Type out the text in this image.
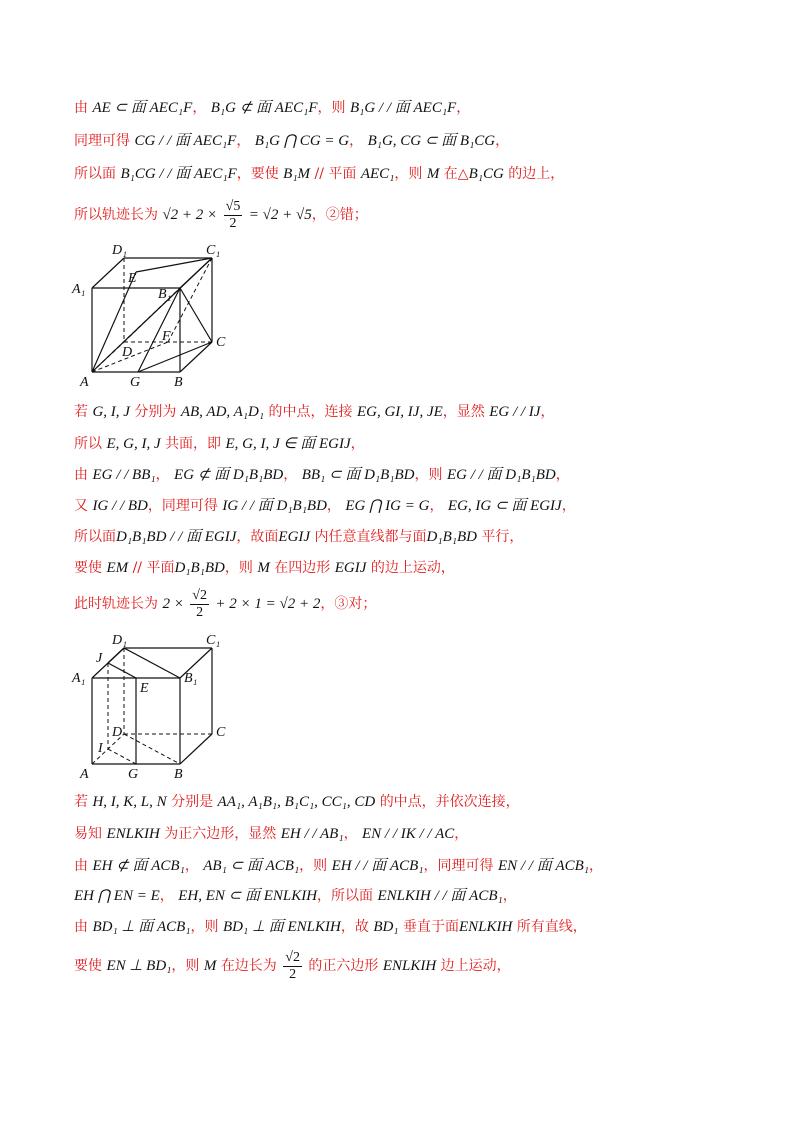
由 AE ⊂ 面 AEC₁F， B₁G ⊄ 面 AEC₁F，则 B₁G / / 面 AEC₁F，
同理可得 CG / / 面 AEC₁F， B₁G ⋂ CG = G， B₁G, CG ⊂ 面 B₁CG，
所以面 B₁CG / / 面 AEC₁F，要使 B₁M // 平面 AEC₁，则 M 在△B₁CG 的边上，
所以轨迹长为 $√2 + 2 \times \frac{√5}{2} = √2 + √5$，②错；
D₁	C₁
A₁
E
B₁
F
D
C
A	G B
若 G, I, J 分别为 AB, AD, A₁D₁ 的中点，连接 EG, GI, IJ, JE，显然 EG / / IJ，
所以 E, G, I, J 共面，即 E, G, I, J ∈ 面 EGIJ，
由 EG / / BB₁， EG ⊄ 面 D₁B₁BD， BB₁ ⊂ 面 D₁B₁BD，则 EG / / 面 D₁B₁BD，
又 IG / / BD，同理可得 IG / / 面 D₁B₁BD， EG ⋂ IG = G， EG, IG ⊂ 面 EGIJ，
所以面D₁B₁BD / / 面 EGIJ，故面EGIJ 内任意直线都与面D₁B₁BD 平行，
要使 EM // 平面D₁B₁BD，则 M 在四边形 EGIJ 的边上运动，
此时轨迹长为 $2 \times \frac{√2}{2} + 2 \times 1 = √2 + 2$，③对；
D₁	C₁
J
A₁
E
B₁
D	C
I
A	G	B
若 H, I, K, L, N 分别是 AA₁, A₁B₁, B₁C₁, CC₁, CD 的中点，并依次连接，
易知 ENLKIH 为正六边形，显然 EH / / AB₁， EN / / IK / / AC，
由 EH ⊄ 面 ACB₁， AB₁ ⊂ 面 ACB₁，则 EH / / 面 ACB₁，同理可得 EN / / 面 ACB₁，
EH ⋂ EN = E， EH, EN ⊂ 面 ENLKIH，所以面 ENLKIH / / 面 ACB₁，
由 BD₁ ⊥ 面 ACB₁，则 BD₁ ⊥ 面 ENLKIH，故 BD₁ 垂直于面ENLKIH 所有直线，
要使 EN ⊥ BD₁，则 M 在边长为 $\frac{√2}{2}$ 的正六边形 ENLKIH 边上运动，
